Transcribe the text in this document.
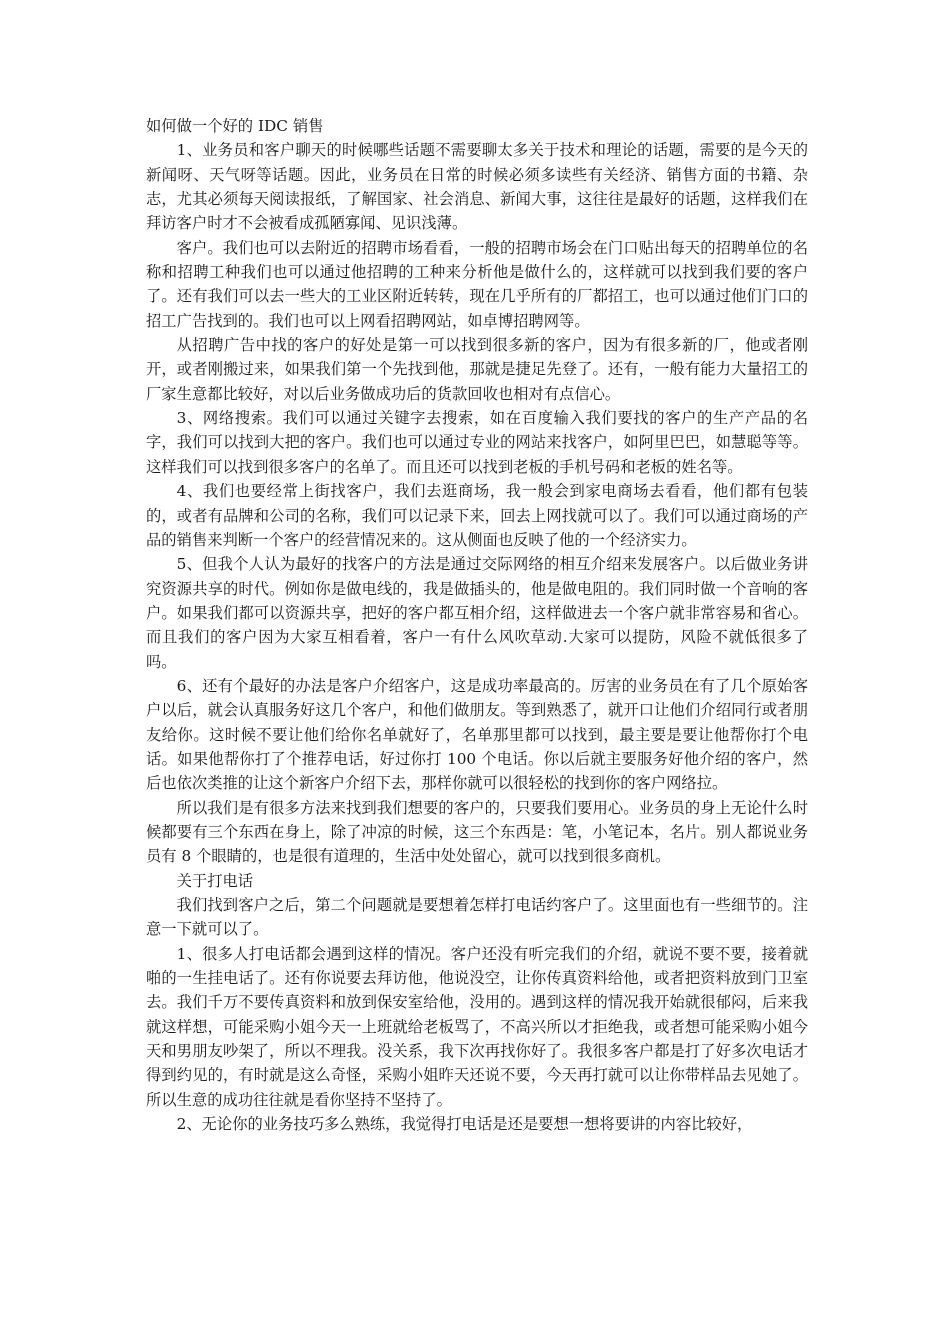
如何做一个好的 IDC 销售

1、业务员和客户聊天的时候哪些话题不需要聊太多关于技术和理论的话题，需要的是今天的新闻呀、天气呀等话题。因此，业务员在日常的时候必须多读些有关经济、销售方面的书籍、杂志，尤其必须每天阅读报纸，了解国家、社会消息、新闻大事，这往往是最好的话题，这样我们在拜访客户时才不会被看成孤陋寡闻、见识浅薄。

客户。我们也可以去附近的招聘市场看看，一般的招聘市场会在门口贴出每天的招聘单位的名称和招聘工种我们也可以通过他招聘的工种来分析他是做什么的，这样就可以找到我们要的客户了。还有我们可以去一些大的工业区附近转转，现在几乎所有的厂都招工，也可以通过他们门口的招工广告找到的。我们也可以上网看招聘网站，如卓博招聘网等。

从招聘广告中找的客户的好处是第一可以找到很多新的客户，因为有很多新的厂，他或者刚开，或者刚搬过来，如果我们第一个先找到他，那就是捷足先登了。还有，一般有能力大量招工的厂家生意都比较好，对以后业务做成功后的货款回收也相对有点信心。

3、网络搜索。我们可以通过关键字去搜索，如在百度输入我们要找的客户的生产产品的名字，我们可以找到大把的客户。我们也可以通过专业的网站来找客户，如阿里巴巴，如慧聪等等。这样我们可以找到很多客户的名单了。而且还可以找到老板的手机号码和老板的姓名等。

4、我们也要经常上街找客户，我们去逛商场，我一般会到家电商场去看看，他们都有包装的，或者有品牌和公司的名称，我们可以记录下来，回去上网找就可以了。我们可以通过商场的产品的销售来判断一个客户的经营情况来的。这从侧面也反映了他的一个经济实力。

5、但我个人认为最好的找客户的方法是通过交际网络的相互介绍来发展客户。以后做业务讲究资源共享的时代。例如你是做电线的，我是做插头的，他是做电阻的。我们同时做一个音响的客户。如果我们都可以资源共享，把好的客户都互相介绍，这样做进去一个客户就非常容易和省心。而且我们的客户因为大家互相看着，客户一有什么风吹草动.大家可以提防，风险不就低很多了吗。

6、还有个最好的办法是客户介绍客户，这是成功率最高的。厉害的业务员在有了几个原始客户以后，就会认真服务好这几个客户，和他们做朋友。等到熟悉了，就开口让他们介绍同行或者朋友给你。这时候不要让他们给你名单就好了，名单那里都可以找到，最主要是要让他帮你打个电话。如果他帮你打了个推荐电话，好过你打 100 个电话。你以后就主要服务好他介绍的客户，然后也依次类推的让这个新客户介绍下去，那样你就可以很轻松的找到你的客户网络拉。

所以我们是有很多方法来找到我们想要的客户的，只要我们要用心。业务员的身上无论什么时候都要有三个东西在身上，除了冲凉的时候，这三个东西是：笔，小笔记本，名片。别人都说业务员有 8 个眼睛的，也是很有道理的，生活中处处留心，就可以找到很多商机。

关于打电话

我们找到客户之后，第二个问题就是要想着怎样打电话约客户了。这里面也有一些细节的。注意一下就可以了。

1、很多人打电话都会遇到这样的情况。客户还没有听完我们的介绍，就说不要不要，接着就啪的一生挂电话了。还有你说要去拜访他，他说没空，让你传真资料给他，或者把资料放到门卫室去。我们千万不要传真资料和放到保安室给他，没用的。遇到这样的情况我开始就很郁闷，后来我就这样想，可能采购小姐今天一上班就给老板骂了，不高兴所以才拒绝我，或者想可能采购小姐今天和男朋友吵架了，所以不理我。没关系，我下次再找你好了。我很多客户都是打了好多次电话才得到约见的，有时就是这么奇怪，采购小姐昨天还说不要，今天再打就可以让你带样品去见她了。所以生意的成功往往就是看你坚持不坚持了。

2、无论你的业务技巧多么熟练，我觉得打电话是还是要想一想将要讲的内容比较好，
